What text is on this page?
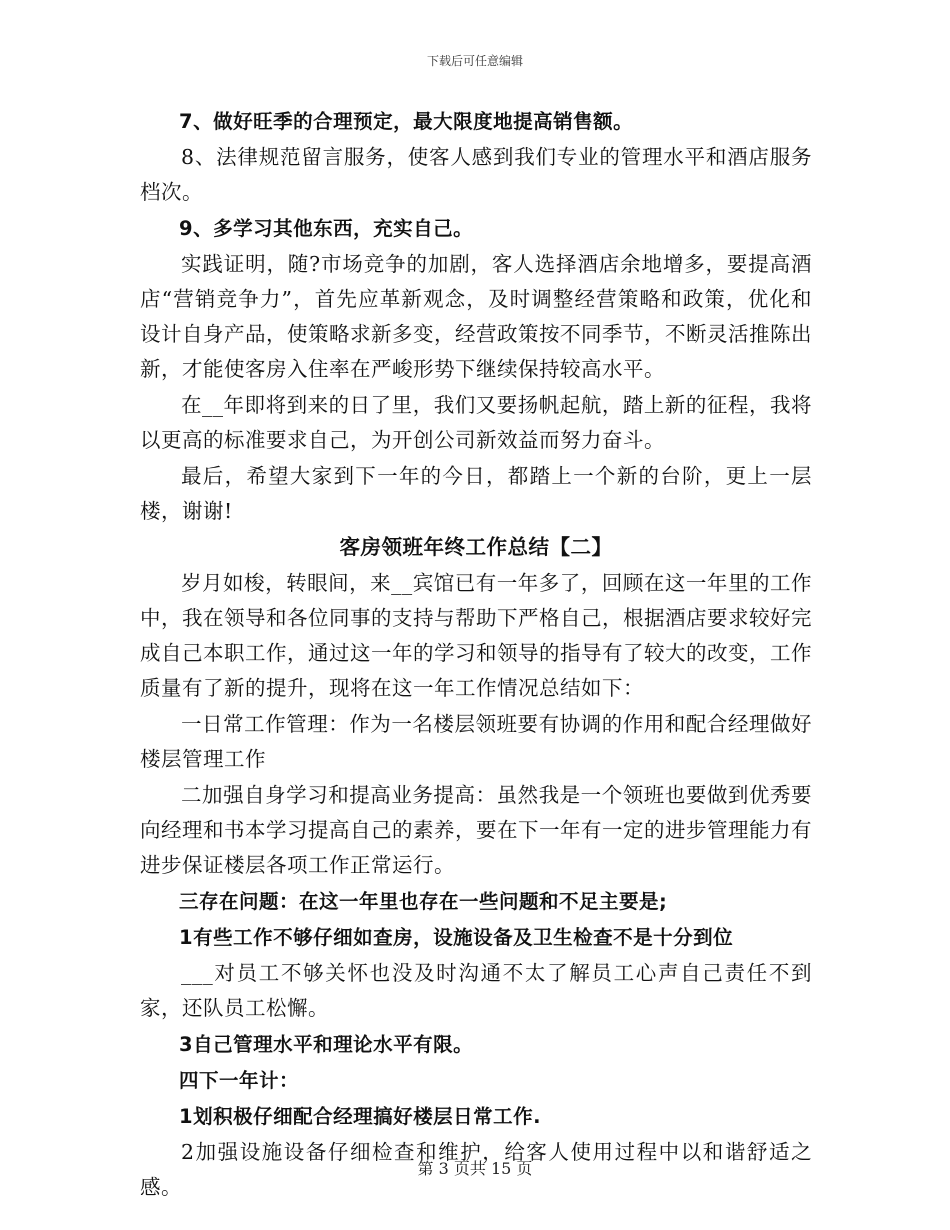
下载后可任意编辑

7、做好旺季的合理预定，最大限度地提高销售额。

8、法律规范留言服务，使客人感到我们专业的管理水平和酒店服务档次。

9、多学习其他东西，充实自己。

实践证明，随?市场竞争的加剧，客人选择酒店余地增多，要提高酒店“营销竞争力”，首先应革新观念，及时调整经营策略和政策，优化和设计自身产品，使策略求新多变，经营政策按不同季节，不断灵活推陈出新，才能使客房入住率在严峻形势下继续保持较高水平。

在__年即将到来的日了里，我们又要扬帆起航，踏上新的征程，我将以更高的标准要求自己，为开创公司新效益而努力奋斗。

最后，希望大家到下一年的今日，都踏上一个新的台阶，更上一层楼，谢谢!

客房领班年终工作总结【二】

岁月如梭，转眼间，来__宾馆已有一年多了，回顾在这一年里的工作中，我在领导和各位同事的支持与帮助下严格自己，根据酒店要求较好完成自己本职工作，通过这一年的学习和领导的指导有了较大的改变，工作质量有了新的提升，现将在这一年工作情况总结如下：

一日常工作管理：作为一名楼层领班要有协调的作用和配合经理做好楼层管理工作

二加强自身学习和提高业务提高：虽然我是一个领班也要做到优秀要向经理和书本学习提高自己的素养，要在下一年有一定的进步管理能力有进步保证楼层各项工作正常运行。

三存在问题：在这一年里也存在一些问题和不足主要是;

1有些工作不够仔细如查房，设施设备及卫生检查不是十分到位

___对员工不够关怀也没及时沟通不太了解员工心声自己责任不到家，还队员工松懈。

3自己管理水平和理论水平有限。

四下一年计：

1划积极仔细配合经理搞好楼层日常工作.

2加强设施设备仔细检查和维护，给客人使用过程中以和谐舒适之感。

第 3 页共 15 页
